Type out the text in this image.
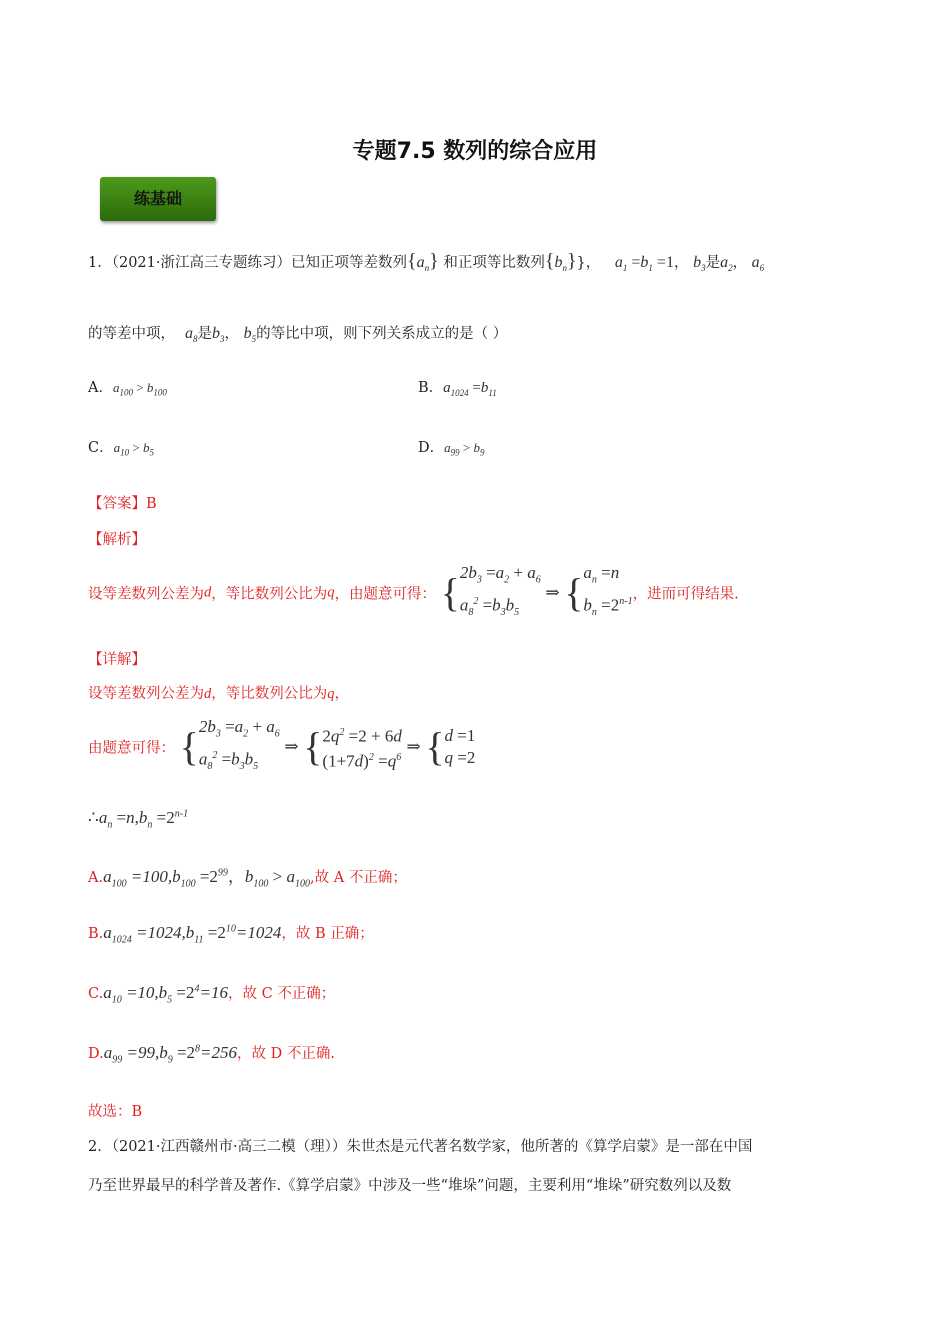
专题7.5 数列的综合应用
练基础
1．（2021·浙江高三专题练习）已知正项等差数列$\{a_n\}$ 和正项等比数列$\{b_n\}$}， $a_1 =b_1 =1$， $b_3$是$a_2$， $a_6$
的等差中项， $a_8$是$b_3$， $b_5$的等比中项，则下列关系成立的是（ ）
A．$a_{100} > b_{100}$	B．$a_{1024} =b_{11}$
C．$a_{10} > b_5$	D．$a_{99} > b_9$
【答案】B
【解析】
设等差数列公差为d，等比数列公比为q，由题意可得： {$2b_3 =a_2 + a_6$
$a_8^2 =b_3b_5$ ⇒ {$a_n =n$
$b_n =2^{n-1}$，进而可得结果.
【详解】
设等差数列公差为d，等比数列公比为q，
由题意可得： {$2b_3 =a_2 + a_6$
$a_8^2 =b_3b_5$ ⇒ {$2q^2 =2 + 6d$
$(1+7d)^2 =q^6$ ⇒ {d =1
q =2
$\therefore a_n =n,b_n =2^{n-1}$
$A.a_{100} =100,b_{100} =2^{99}$，$b_{100} > a_{100}$,故 A 不正确；
$B.a_{1024} =1024,b_{11} =2^{10}=1024$，故 B 正确；
$C.a_{10} =10,b_5 =2^4=16$，故 C 不正确；
$D.a_{99} =99,b_9 =2^8=256$，故 D 不正确.
故选：B
2．（2021·江西赣州市·高三二模（理））朱世杰是元代著名数学家，他所著的《算学启蒙》是一部在中国
乃至世界最早的科学普及著作.《算学启蒙》中涉及一些“堆垛”问题，主要利用“堆垛”研究数列以及数
